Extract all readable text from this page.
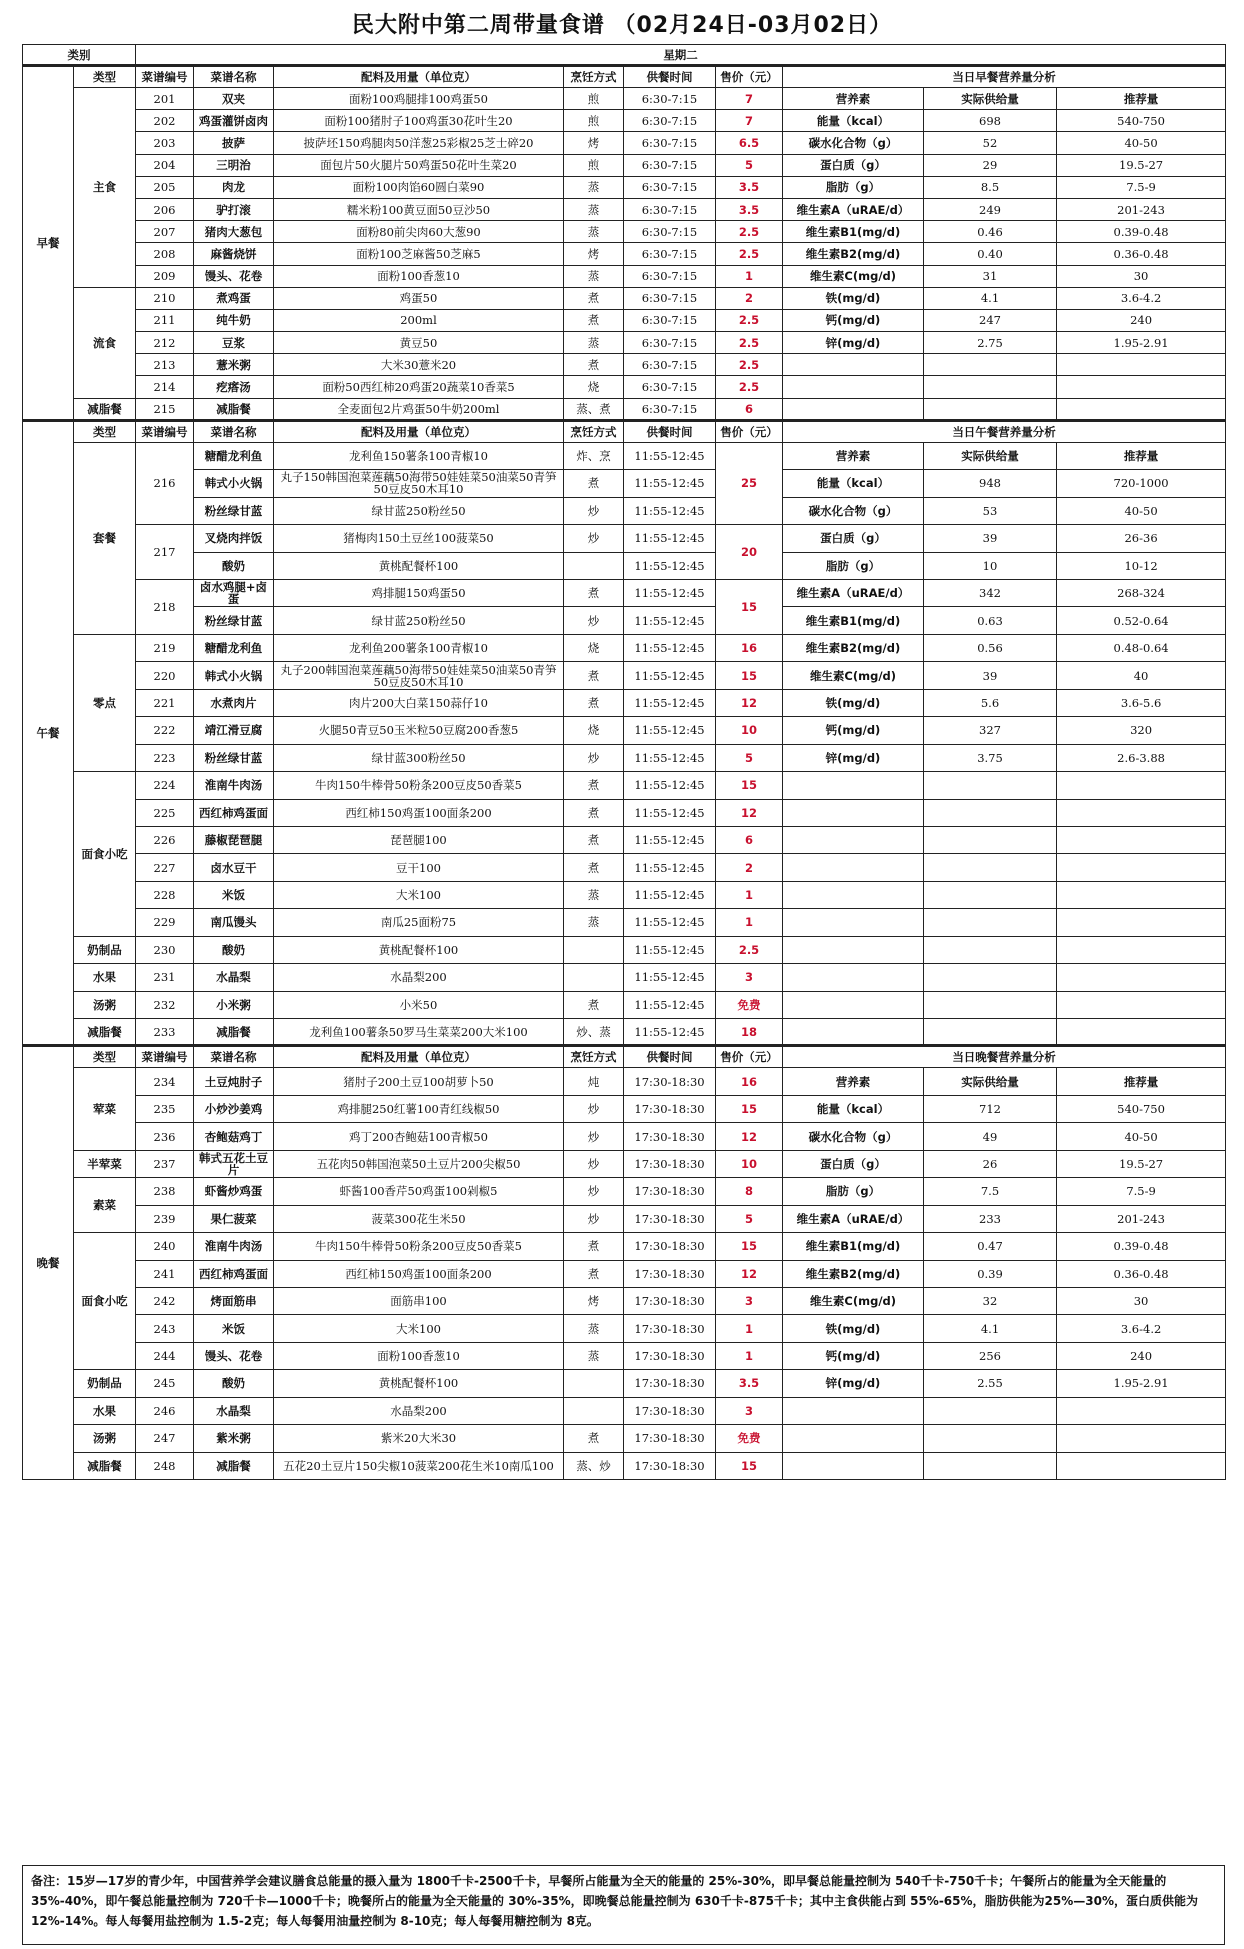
民大附中第二周带量食谱 （02月24日-03月02日）
类别		星期二								
早餐	类型	菜谱编号	菜谱名称	配料及用量（单位克）	烹饪方式	供餐时间	售价（元）	当日早餐营养量分析		
	主食	201	双夹	面粉100鸡腿排100鸡蛋50	煎	6:30-7:15	7	营养素	实际供给量	推荐量
		202	鸡蛋灌饼卤肉	面粉100猪肘子100鸡蛋30花叶生20	煎	6:30-7:15	7	能量（kcal）	698	540-750
		203	披萨	披萨坯150鸡腿肉50洋葱25彩椒25芝士碎20	烤	6:30-7:15	6.5	碳水化合物（g）	52	40-50
		204	三明治	面包片50火腿片50鸡蛋50花叶生菜20	煎	6:30-7:15	5	蛋白质（g）	29	19.5-27
		205	肉龙	面粉100肉馅60圆白菜90	蒸	6:30-7:15	3.5	脂肪（g）	8.5	7.5-9
		206	驴打滚	糯米粉100黄豆面50豆沙50	蒸	6:30-7:15	3.5	维生素A（uRAE/d）	249	201-243
		207	猪肉大葱包	面粉80前尖肉60大葱90	蒸	6:30-7:15	2.5	维生素B1(mg/d)	0.46	0.39-0.48
		208	麻酱烧饼	面粉100芝麻酱50芝麻5	烤	6:30-7:15	2.5	维生素B2(mg/d)	0.40	0.36-0.48
		209	馒头、花卷	面粉100香葱10	蒸	6:30-7:15	1	维生素C(mg/d)	31	30
	流食	210	煮鸡蛋	鸡蛋50	煮	6:30-7:15	2	铁(mg/d)	4.1	3.6-4.2
		211	纯牛奶	200ml	煮	6:30-7:15	2.5	钙(mg/d)	247	240
		212	豆浆	黄豆50	蒸	6:30-7:15	2.5	锌(mg/d)	2.75	1.95-2.91
		213	薏米粥	大米30薏米20	煮	6:30-7:15	2.5			
		214	疙瘩汤	面粉50西红柿20鸡蛋20蔬菜10香菜5	烧	6:30-7:15	2.5			
	减脂餐	215	减脂餐	全麦面包2片鸡蛋50牛奶200ml	蒸、煮	6:30-7:15	6			
午餐	类型	菜谱编号	菜谱名称	配料及用量（单位克）	烹饪方式	供餐时间	售价（元）	当日午餐营养量分析		
	套餐	216	糖醋龙利鱼	龙利鱼150薯条100青椒10	炸、烹	11:55-12:45	25	营养素	实际供给量	推荐量
			韩式小火锅	丸子150韩国泡菜莲藕50海带50娃娃菜50油菜50青笋50豆皮50木耳10	煮	11:55-12:45		能量（kcal）	948	720-1000
			粉丝绿甘蓝	绿甘蓝250粉丝50	炒	11:55-12:45		碳水化合物（g）	53	40-50
		217	叉烧肉拌饭	猪梅肉150土豆丝100菠菜50	炒	11:55-12:45	20	蛋白质（g）	39	26-36
			酸奶	黄桃配餐杯100		11:55-12:45		脂肪（g）	10	10-12
		218	卤水鸡腿+卤蛋	鸡排腿150鸡蛋50	煮	11:55-12:45	15	维生素A（uRAE/d）	342	268-324
			粉丝绿甘蓝	绿甘蓝250粉丝50	炒	11:55-12:45		维生素B1(mg/d)	0.63	0.52-0.64
	零点	219	糖醋龙利鱼	龙利鱼200薯条100青椒10	烧	11:55-12:45	16	维生素B2(mg/d)	0.56	0.48-0.64
		220	韩式小火锅	丸子200韩国泡菜莲藕50海带50娃娃菜50油菜50青笋50豆皮50木耳10	煮	11:55-12:45	15	维生素C(mg/d)	39	40
		221	水煮肉片	肉片200大白菜150蒜仔10	煮	11:55-12:45	12	铁(mg/d)	5.6	3.6-5.6
		222	靖江滑豆腐	火腿50青豆50玉米粒50豆腐200香葱5	烧	11:55-12:45	10	钙(mg/d)	327	320
		223	粉丝绿甘蓝	绿甘蓝300粉丝50	炒	11:55-12:45	5	锌(mg/d)	3.75	2.6-3.88
	面食小吃	224	淮南牛肉汤	牛肉150牛棒骨50粉条200豆皮50香菜5	煮	11:55-12:45	15			
		225	西红柿鸡蛋面	西红柿150鸡蛋100面条200	煮	11:55-12:45	12			
		226	藤椒琵琶腿	琵琶腿100	煮	11:55-12:45	6			
		227	卤水豆干	豆干100	煮	11:55-12:45	2			
		228	米饭	大米100	蒸	11:55-12:45	1			
		229	南瓜馒头	南瓜25面粉75	蒸	11:55-12:45	1			
	奶制品	230	酸奶	黄桃配餐杯100		11:55-12:45	2.5			
	水果	231	水晶梨	水晶梨200		11:55-12:45	3			
	汤粥	232	小米粥	小米50	煮	11:55-12:45	免费			
	减脂餐	233	减脂餐	龙利鱼100薯条50罗马生菜菜200大米100	炒、蒸	11:55-12:45	18			
晚餐	类型	菜谱编号	菜谱名称	配料及用量（单位克）	烹饪方式	供餐时间	售价（元）	当日晚餐营养量分析		
	荤菜	234	土豆炖肘子	猪肘子200土豆100胡萝卜50	炖	17:30-18:30	16	营养素	实际供给量	推荐量
		235	小炒沙姜鸡	鸡排腿250红薯100青红线椒50	炒	17:30-18:30	15	能量（kcal）	712	540-750
		236	杏鲍菇鸡丁	鸡丁200杏鲍菇100青椒50	炒	17:30-18:30	12	碳水化合物（g）	49	40-50
	半荤菜	237	韩式五花土豆片	五花肉50韩国泡菜50土豆片200尖椒50	炒	17:30-18:30	10	蛋白质（g）	26	19.5-27
	素菜	238	虾酱炒鸡蛋	虾酱100香芹50鸡蛋100剁椒5	炒	17:30-18:30	8	脂肪（g）	7.5	7.5-9
		239	果仁菠菜	菠菜300花生米50	炒	17:30-18:30	5	维生素A（uRAE/d）	233	201-243
	面食小吃	240	淮南牛肉汤	牛肉150牛棒骨50粉条200豆皮50香菜5	煮	17:30-18:30	15	维生素B1(mg/d)	0.47	0.39-0.48
		241	西红柿鸡蛋面	西红柿150鸡蛋100面条200	煮	17:30-18:30	12	维生素B2(mg/d)	0.39	0.36-0.48
		242	烤面筋串	面筋串100	烤	17:30-18:30	3	维生素C(mg/d)	32	30
		243	米饭	大米100	蒸	17:30-18:30	1	铁(mg/d)	4.1	3.6-4.2
		244	馒头、花卷	面粉100香葱10	蒸	17:30-18:30	1	钙(mg/d)	256	240
	奶制品	245	酸奶	黄桃配餐杯100		17:30-18:30	3.5	锌(mg/d)	2.55	1.95-2.91
	水果	246	水晶梨	水晶梨200		17:30-18:30	3			
	汤粥	247	紫米粥	紫米20大米30	煮	17:30-18:30	免费			
	减脂餐	248	减脂餐	五花20土豆片150尖椒10菠菜200花生米10南瓜100	蒸、炒	17:30-18:30	15			
备注：15岁—17岁的青少年，中国营养学会建议膳食总能量的摄入量为 1800千卡-2500千卡，早餐所占能量为全天的能量的 25%-30%，即早餐总能量控制为 540千卡-750千卡；午餐所占的能量为全天能量的35%-40%，即午餐总能量控制为 720千卡—1000千卡；晚餐所占的能量为全天能量的 30%-35%，即晚餐总能量控制为 630千卡-875千卡；其中主食供能占到 55%-65%，脂肪供能为25%—30%，蛋白质供能为12%-14%。每人每餐用盐控制为 1.5-2克；每人每餐用油量控制为 8-10克；每人每餐用糖控制为 8克。
